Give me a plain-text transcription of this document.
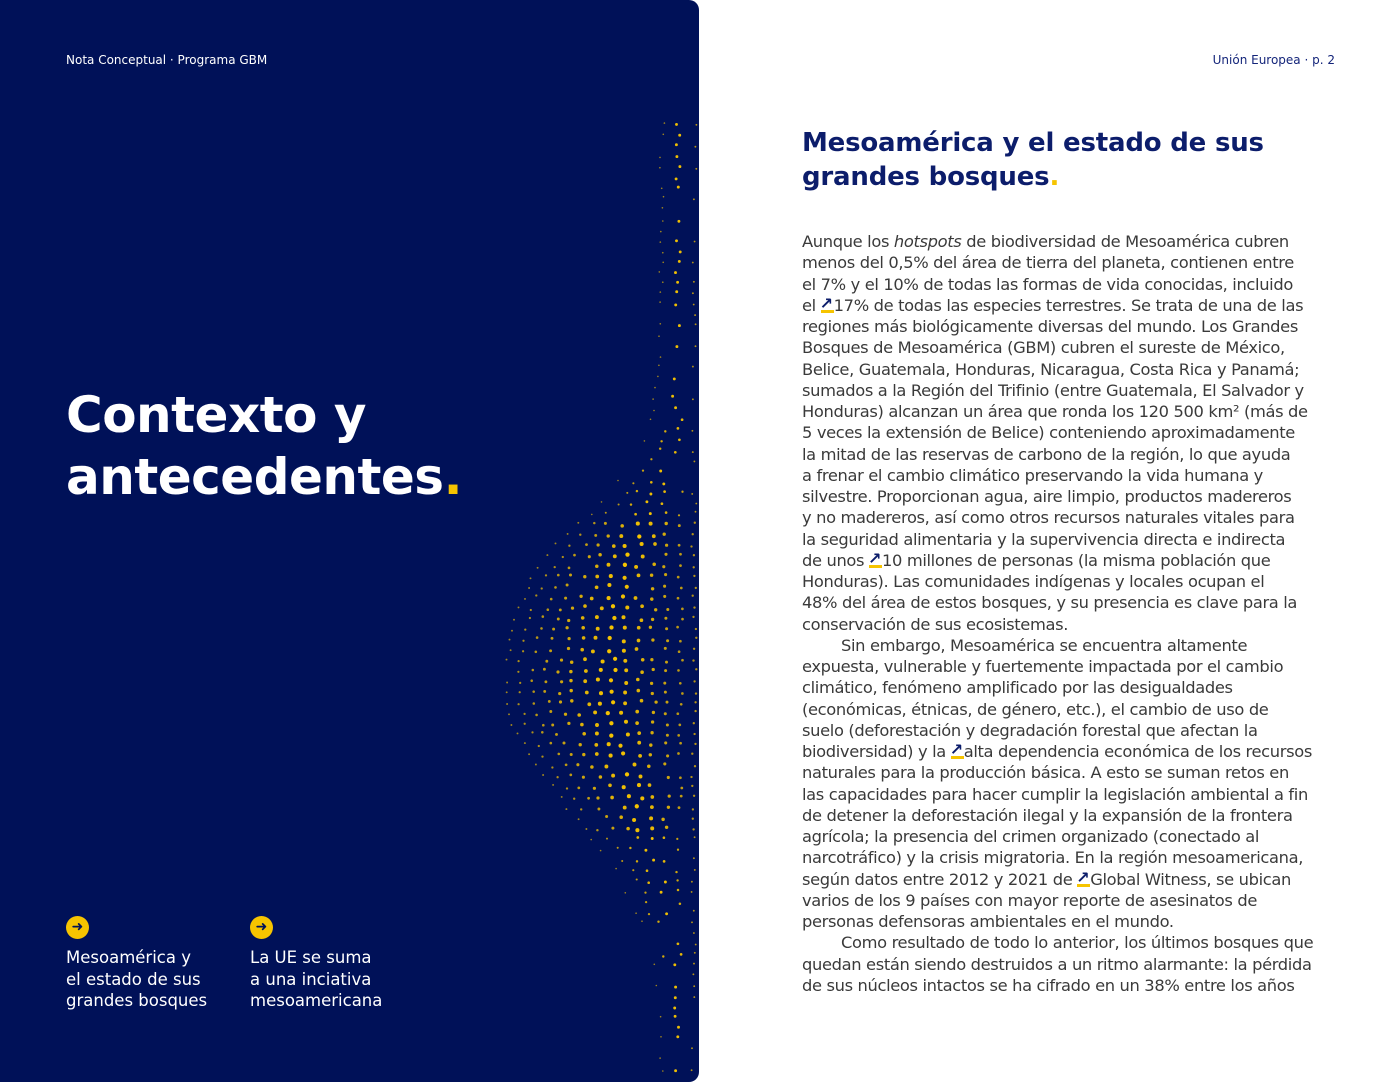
Nota Conceptual · Programa GBM
Contexto y
antecedentes.
➜
Mesoamérica y
el estado de sus
grandes bosques
➜
La UE se suma
a una inciativa
mesoamericana
Unión Europea · p. 2
Mesoamérica y el estado de sus
grandes bosques.
Aunque los hotspots de biodiversidad de Mesoamérica cubren
menos del 0,5% del área de tierra del planeta, contienen entre
el 7% y el 10% de todas las formas de vida conocidas, incluido
el ↗17% de todas las especies terrestres. Se trata de una de las
regiones más biológicamente diversas del mundo. Los Grandes
Bosques de Mesoamérica (GBM) cubren el sureste de México,
Belice, Guatemala, Honduras, Nicaragua, Costa Rica y Panamá;
sumados a la Región del Trifinio (entre Guatemala, El Salvador y
Honduras) alcanzan un área que ronda los 120 500 km² (más de
5 veces la extensión de Belice) conteniendo aproximadamente
la mitad de las reservas de carbono de la región, lo que ayuda
a frenar el cambio climático preservando la vida humana y
silvestre. Proporcionan agua, aire limpio, productos madereros
y no madereros, así como otros recursos naturales vitales para
la seguridad alimentaria y la supervivencia directa e indirecta
de unos ↗10 millones de personas (la misma población que
Honduras). Las comunidades indígenas y locales ocupan el
48% del área de estos bosques, y su presencia es clave para la
conservación de sus ecosistemas.
Sin embargo, Mesoamérica se encuentra altamente
expuesta, vulnerable y fuertemente impactada por el cambio
climático, fenómeno amplificado por las desigualdades
(económicas, étnicas, de género, etc.), el cambio de uso de
suelo (deforestación y degradación forestal que afectan la
biodiversidad) y la ↗alta dependencia económica de los recursos
naturales para la producción básica. A esto se suman retos en
las capacidades para hacer cumplir la legislación ambiental a fin
de detener la deforestación ilegal y la expansión de la frontera
agrícola; la presencia del crimen organizado (conectado al
narcotráfico) y la crisis migratoria. En la región mesoamericana,
según datos entre 2012 y 2021 de ↗Global Witness, se ubican
varios de los 9 países con mayor reporte de asesinatos de
personas defensoras ambientales en el mundo.
Como resultado de todo lo anterior, los últimos bosques que
quedan están siendo destruidos a un ritmo alarmante: la pérdida
de sus núcleos intactos se ha cifrado en un 38% entre los años
